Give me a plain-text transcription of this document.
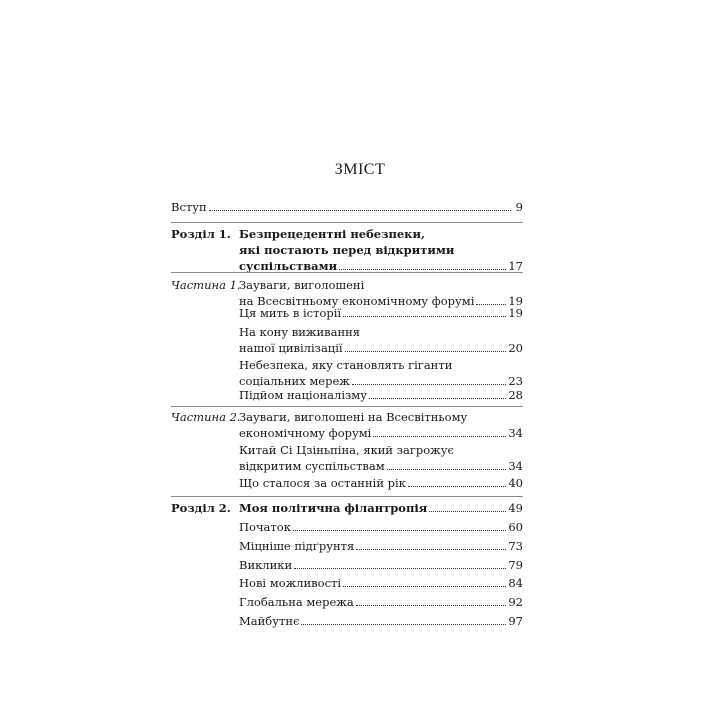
ЗМІСТ
Вступ	9
Розділ 1. Безпрецедентні небезпеки,
які постають перед відкритими
суспільствами	17
Частина 1.
Зауваги, виголошені
на Всесвітньому економічному форумі	19
Ця мить в історії	19
На кону виживання
нашої цивілізації	20
Небезпека, яку становлять гіганти
соціальних мереж	23
Підйом націоналізму	28
Частина 2.
Зауваги, виголошені на Всесвітньому
економічному форумі	34
Китай Сі Цзіньпіна, який загрожує
відкритим суспільствам	34
Що сталося за останній рік	40
Розділ 2. Моя політична філантропія	49
Початок	60
Міцніше підґрунтя	73
Виклики	79
Нові можливості	84
Глобальна мережа	92
Майбутнє	97
